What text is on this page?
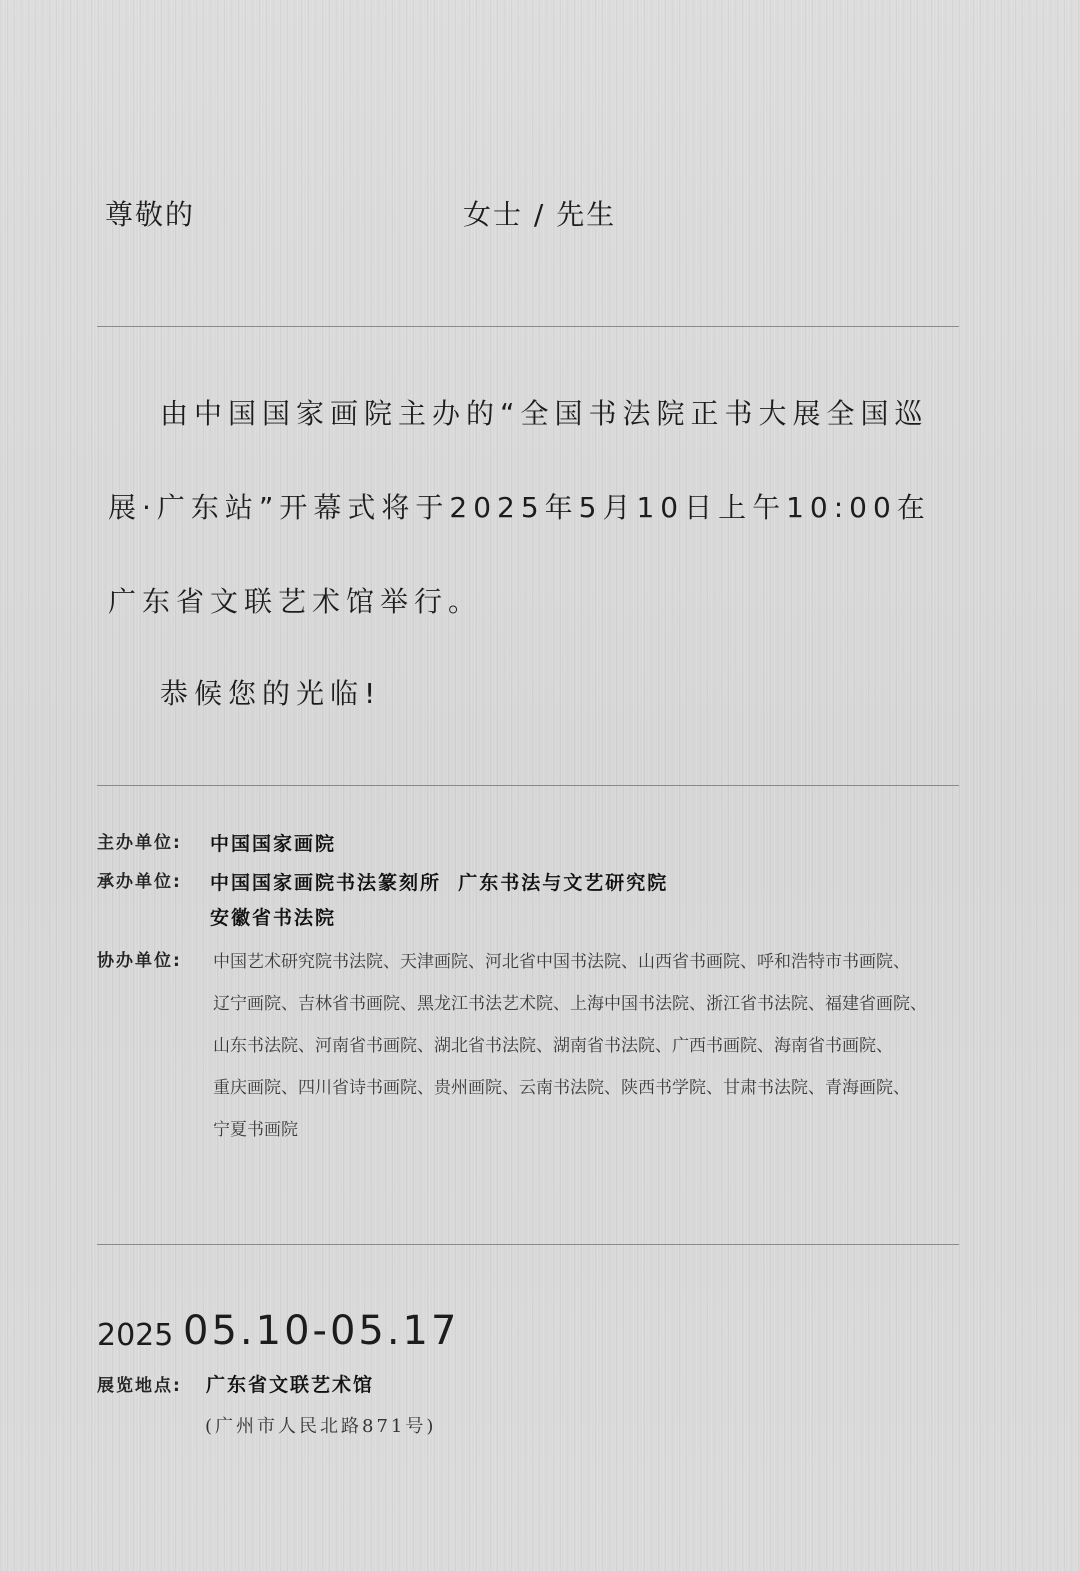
尊敬的	女士 / 先生
由中国国家画院主办的“全国书法院正书大展全国巡
展·广东站”开幕式将于2025年5月10日上午10:00在
广东省文联艺术馆举行。
恭候您的光临!
主办单位: 中国国家画院
承办单位: 中国国家画院书法篆刻所  广东书法与文艺研究院
安徽省书法院
协办单位: 中国艺术研究院书法院、天津画院、河北省中国书法院、山西省书画院、呼和浩特市书画院、
辽宁画院、吉林省书画院、黑龙江书法艺术院、上海中国书法院、浙江省书法院、福建省画院、
山东书法院、河南省书画院、湖北省书法院、湖南省书法院、广西书画院、海南省书画院、
重庆画院、四川省诗书画院、贵州画院、云南书法院、陕西书学院、甘肃书法院、青海画院、
宁夏书画院
2025 05.10-05.17
展览地点: 广东省文联艺术馆
(广州市人民北路871号)
